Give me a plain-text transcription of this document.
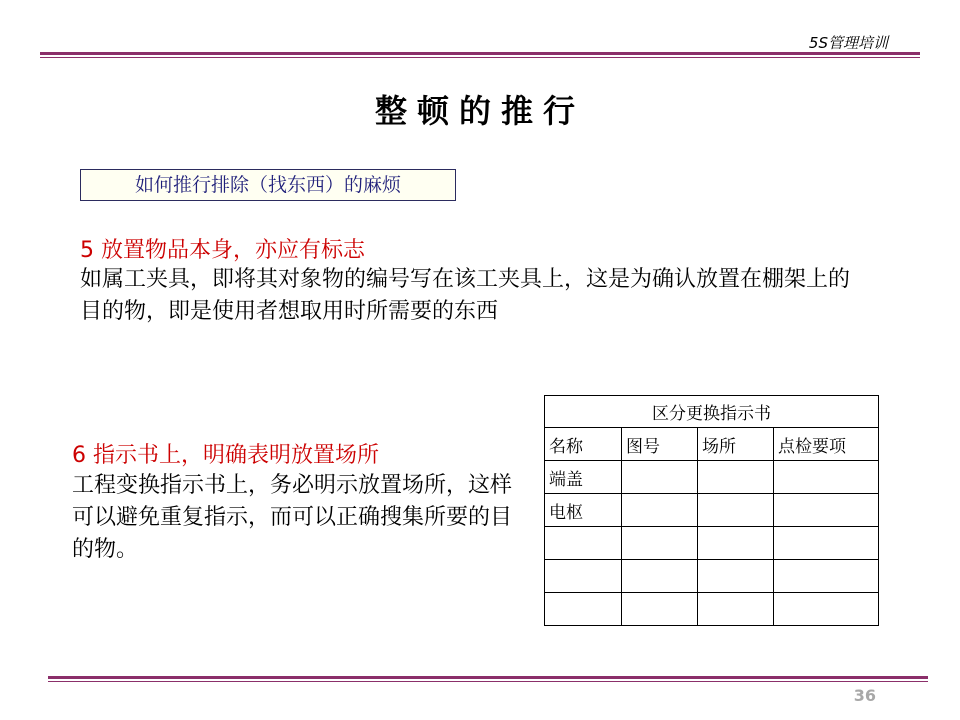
5S管理培训
整顿的推行
如何推行排除（找东西）的麻烦
5 放置物品本身，亦应有标志
如属工夹具，即将其对象物的编号写在该工夹具上，这是为确认放置在棚架上的目的物，即是使用者想取用时所需要的东西
6 指示书上，明确表明放置场所
工程变换指示书上，务必明示放置场所，这样可以避免重复指示，而可以正确搜集所要的目的物。
区分更换指示书			
名称	图号	场所	点检要项
端盖			
电枢			

36
